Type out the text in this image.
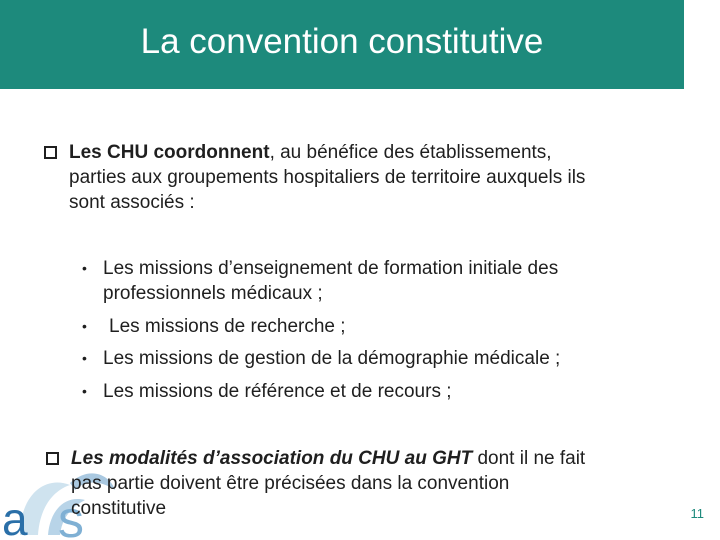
La convention constitutive
Les CHU coordonnent, au bénéfice des établissements,
parties aux groupements hospitaliers de territoire auxquels ils
sont associés :
• Les missions d’enseignement de formation initiale des
professionnels médicaux ;
• Les missions de recherche ;
• Les missions de gestion de la démographie médicale ;
• Les missions de référence et de recours ;
a s
Les modalités d’association du CHU au GHT dont il ne fait
pas partie doivent être précisées dans la convention
constitutive	11
